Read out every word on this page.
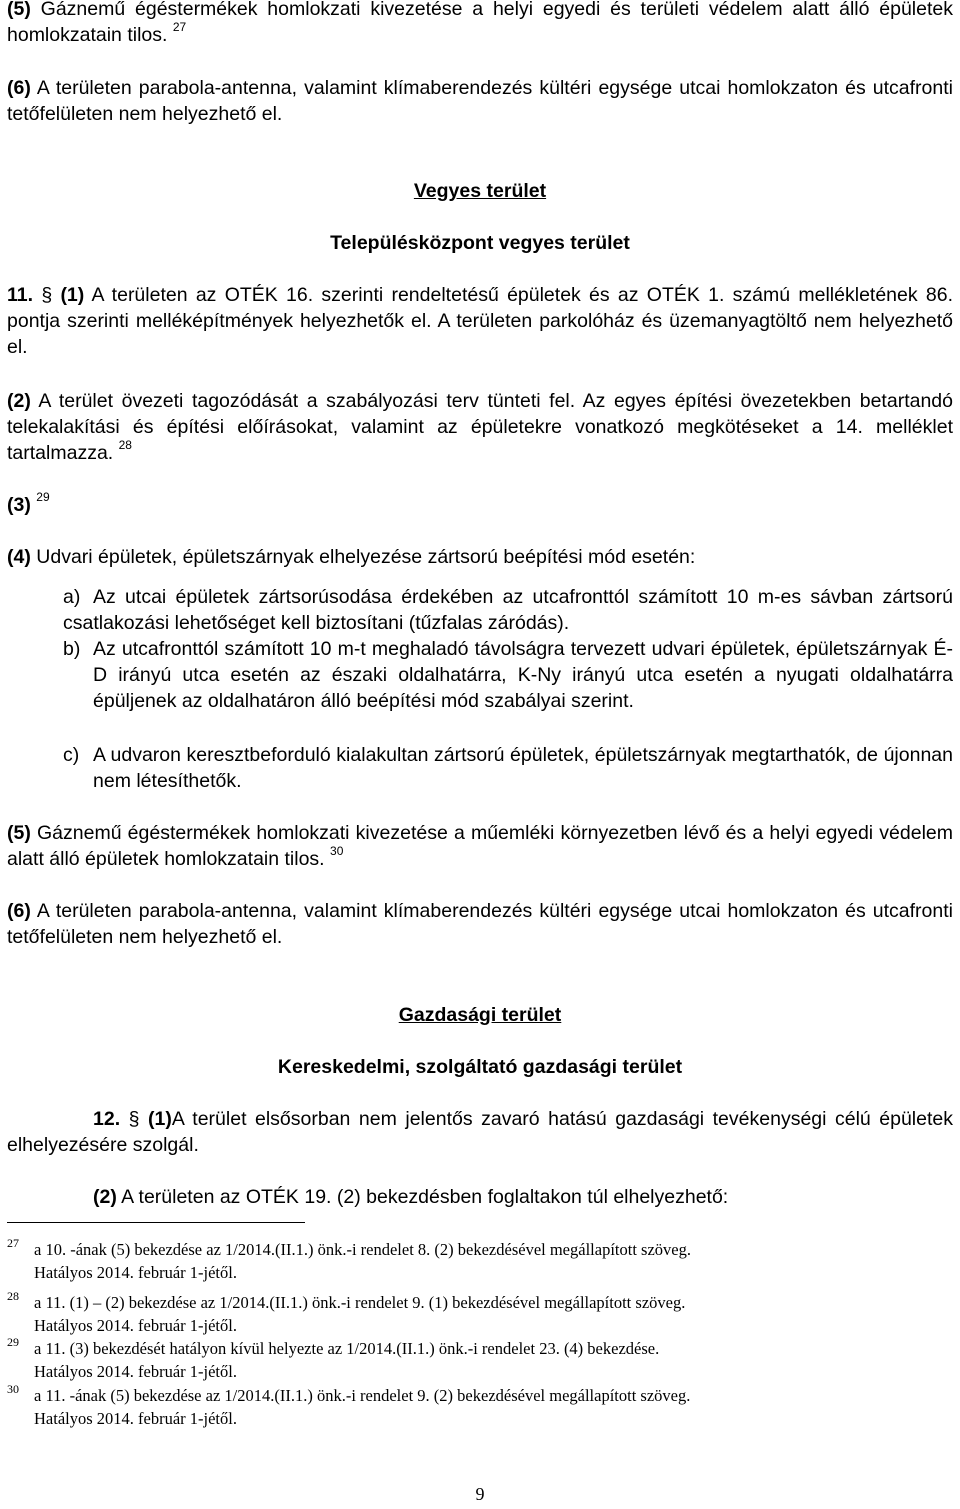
(5) Gáznemű égéstermékek homlokzati kivezetése a helyi egyedi és területi védelem alatt álló épületek homlokzatain tilos. $^{27}$

(6) A területen parabola-antenna, valamint klímaberendezés kültéri egysége utcai homlokzaton és utcafronti tetőfelületen nem helyezhető el.

Vegyes terület

Településközpont vegyes terület

11. § (1) A területen az OTÉK 16. szerinti rendeltetésű épületek és az OTÉK 1. számú mellékletének 86. pontja szerinti melléképítmények helyezhetők el. A területen parkolóház és üzemanyagtöltő nem helyezhető el.

(2) A terület övezeti tagozódását a szabályozási terv tünteti fel. Az egyes építési övezetekben betartandó telekalakítási és építési előírásokat, valamint az épületekre vonatkozó megkötéseket a 14. melléklet tartalmazza. $^{28}$

(3) $^{29}$

(4) Udvari épületek, épületszárnyak elhelyezése zártsorú beépítési mód esetén:

a) Az utcai épületek zártsorúsodása érdekében az utcafronttól számított 10 m-es sávban zártsorú csatlakozási lehetőséget kell biztosítani (tűzfalas záródás).

b) Az utcafronttól számított 10 m-t meghaladó távolságra tervezett udvari épületek, épületszárnyak É-D irányú utca esetén az északi oldalhatárra, K-Ny irányú utca esetén a nyugati oldalhatárra épüljenek az oldalhatáron álló beépítési mód szabályai szerint.

c) A udvaron keresztbeforduló kialakultan zártsorú épületek, épületszárnyak megtarthatók, de újonnan nem létesíthetők.

(5) Gáznemű égéstermékek homlokzati kivezetése a műemléki környezetben lévő és a helyi egyedi védelem alatt álló épületek homlokzatain tilos. $^{30}$

(6) A területen parabola-antenna, valamint klímaberendezés kültéri egysége utcai homlokzaton és utcafronti tetőfelületen nem helyezhető el.

Gazdasági terület

Kereskedelmi, szolgáltató gazdasági terület

12. § (1)A terület elsősorban nem jelentős zavaró hatású gazdasági tevékenységi célú épületek elhelyezésére szolgál.

(2) A területen az OTÉK 19. (2) bekezdésben foglaltakon túl elhelyezhető:

27 a 10. -ának (5) bekezdése az 1/2014.(II.1.) önk.-i rendelet 8. (2) bekezdésével megállapított szöveg.
Hatályos 2014. február 1-jétől.
28 a 11. (1) – (2) bekezdése az 1/2014.(II.1.) önk.-i rendelet 9. (1) bekezdésével megállapított szöveg.
Hatályos 2014. február 1-jétől.
29 a 11. (3) bekezdését hatályon kívül helyezte az 1/2014.(II.1.) önk.-i rendelet 23. (4) bekezdése.
Hatályos 2014. február 1-jétől.
30 a 11. -ának (5) bekezdése az 1/2014.(II.1.) önk.-i rendelet 9. (2) bekezdésével megállapított szöveg.
Hatályos 2014. február 1-jétől.
9
